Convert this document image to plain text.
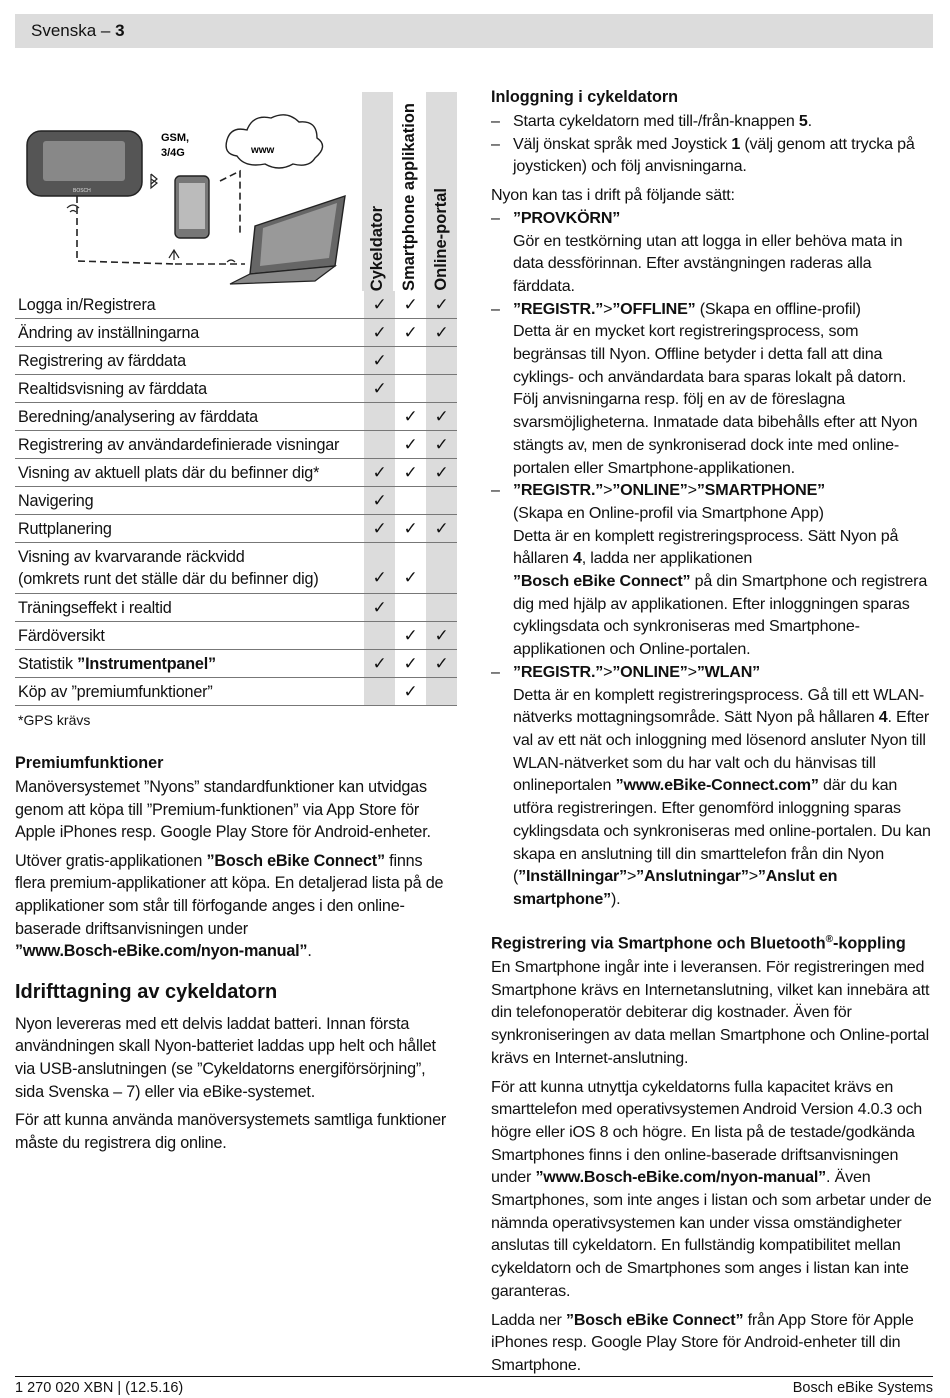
Svenska – 3
www
BOSCH
GSM,
3/4G
Cykeldator Smartphone applikation Online-portal
Logga in/Registrera	✓	✓	✓
Ändring av inställningarna	✓	✓	✓
Registrering av färddata	✓		
Realtidsvisning av färddata	✓		
Beredning/analysering av färddata		✓	✓
Registrering av användardefinierade visningar		✓	✓
Visning av aktuell plats där du befinner dig*	✓	✓	✓
Navigering	✓		
Ruttplanering	✓	✓	✓
Visning av kvarvarande räckvidd
(omkrets runt det ställe där du befinner dig)	✓	✓	
Träningseffekt i realtid	✓		
Färdöversikt		✓	✓
Statistik ”Instrumentpanel”	✓	✓	✓
Köp av ”premiumfunktioner”		✓	
*GPS krävs
Premiumfunktioner

Manöversystemet ”Nyons” standardfunktioner kan utvidgas genom att köpa till ”Premium-funktionen” via App Store för Apple iPhones resp. Google Play Store för Android-enheter.

Utöver gratis-applikationen ”Bosch eBike Connect” finns flera premium-applikationer att köpa. En detaljerad lista på de applikationer som står till förfogande anges i den online-baserade driftsanvisningen under
”www.Bosch-eBike.com/nyon-manual”.

Idrifttagning av cykeldatorn

Nyon levereras med ett delvis laddat batteri. Innan första användningen skall Nyon-batteriet laddas upp helt och hållet via USB-anslutningen (se ”Cykeldatorns energiförsörjning”, sida Svenska – 7) eller via eBike-systemet.

För att kunna använda manöversystemets samtliga funktioner måste du registrera dig online.

Inloggning i cykeldatorn
– Starta cykeldatorn med till-/från-knappen 5.
– Välj önskat språk med Joystick 1 (välj genom att trycka på joysticken) och följ anvisningarna.

Nyon kan tas i drift på följande sätt:

– ”PROVKÖRN”
Gör en testkörning utan att logga in eller behöva mata in data dessförinnan. Efter avstängningen raderas alla färddata.
– ”REGISTR.”>”OFFLINE” (Skapa en offline-profil)
Detta är en mycket kort registreringsprocess, som begränsas till Nyon. Offline betyder i detta fall att dina cyklings- och användardata bara sparas lokalt på datorn.
Följ anvisningarna resp. följ en av de föreslagna svarsmöjligheterna. Inmatade data bibehålls efter att Nyon stängts av, men de synkroniserad dock inte med online-portalen eller Smartphone-applikationen.
– ”REGISTR.”>”ONLINE”>”SMARTPHONE”
(Skapa en Online-profil via Smartphone App)
Detta är en komplett registreringsprocess. Sätt Nyon på hållaren 4, ladda ner applikationen
”Bosch eBike Connect” på din Smartphone och registrera dig med hjälp av applikationen. Efter inloggningen sparas cyklingsdata och synkroniseras med Smartphone-applikationen och Online-portalen.
– ”REGISTR.”>”ONLINE”>”WLAN”
Detta är en komplett registreringsprocess. Gå till ett WLAN-nätverks mottagningsområde. Sätt Nyon på hållaren 4. Efter val av ett nät och inloggning med lösenord ansluter Nyon till WLAN-nätverket som du har valt och du hänvisas till onlineportalen ”www.eBike-Connect.com” där du kan utföra registreringen. Efter genomförd inloggning sparas cyklingsdata och synkroniseras med online-portalen. Du kan skapa en anslutning till din smarttelefon från din Nyon (”Inställningar”>”Anslutningar”>”Anslut en smartphone”).
Registrering via Smartphone och Bluetooth®-koppling

En Smartphone ingår inte i leveransen. För registreringen med Smartphone krävs en Internetanslutning, vilket kan innebära att din telefonoperatör debiterar dig kostnader. Även för synkroniseringen av data mellan Smartphone och Online-portal krävs en Internet-anslutning.

För att kunna utnyttja cykeldatorns fulla kapacitet krävs en smarttelefon med operativsystemen Android Version 4.0.3 och högre eller iOS 8 och högre. En lista på de testade/godkända Smartphones finns i den online-baserade driftsanvisningen under ”www.Bosch-eBike.com/nyon-manual”. Även Smartphones, som inte anges i listan och som arbetar under de nämnda operativsystemen kan under vissa omständigheter anslutas till cykeldatorn. En fullständig kompatibilitet mellan cykeldatorn och de Smartphones som anges i listan kan inte garanteras.

Ladda ner ”Bosch eBike Connect” från App Store för Apple iPhones resp. Google Play Store för Android-enheter till din Smartphone.

1 270 020 XBN | (12.5.16)	Bosch eBike Systems
